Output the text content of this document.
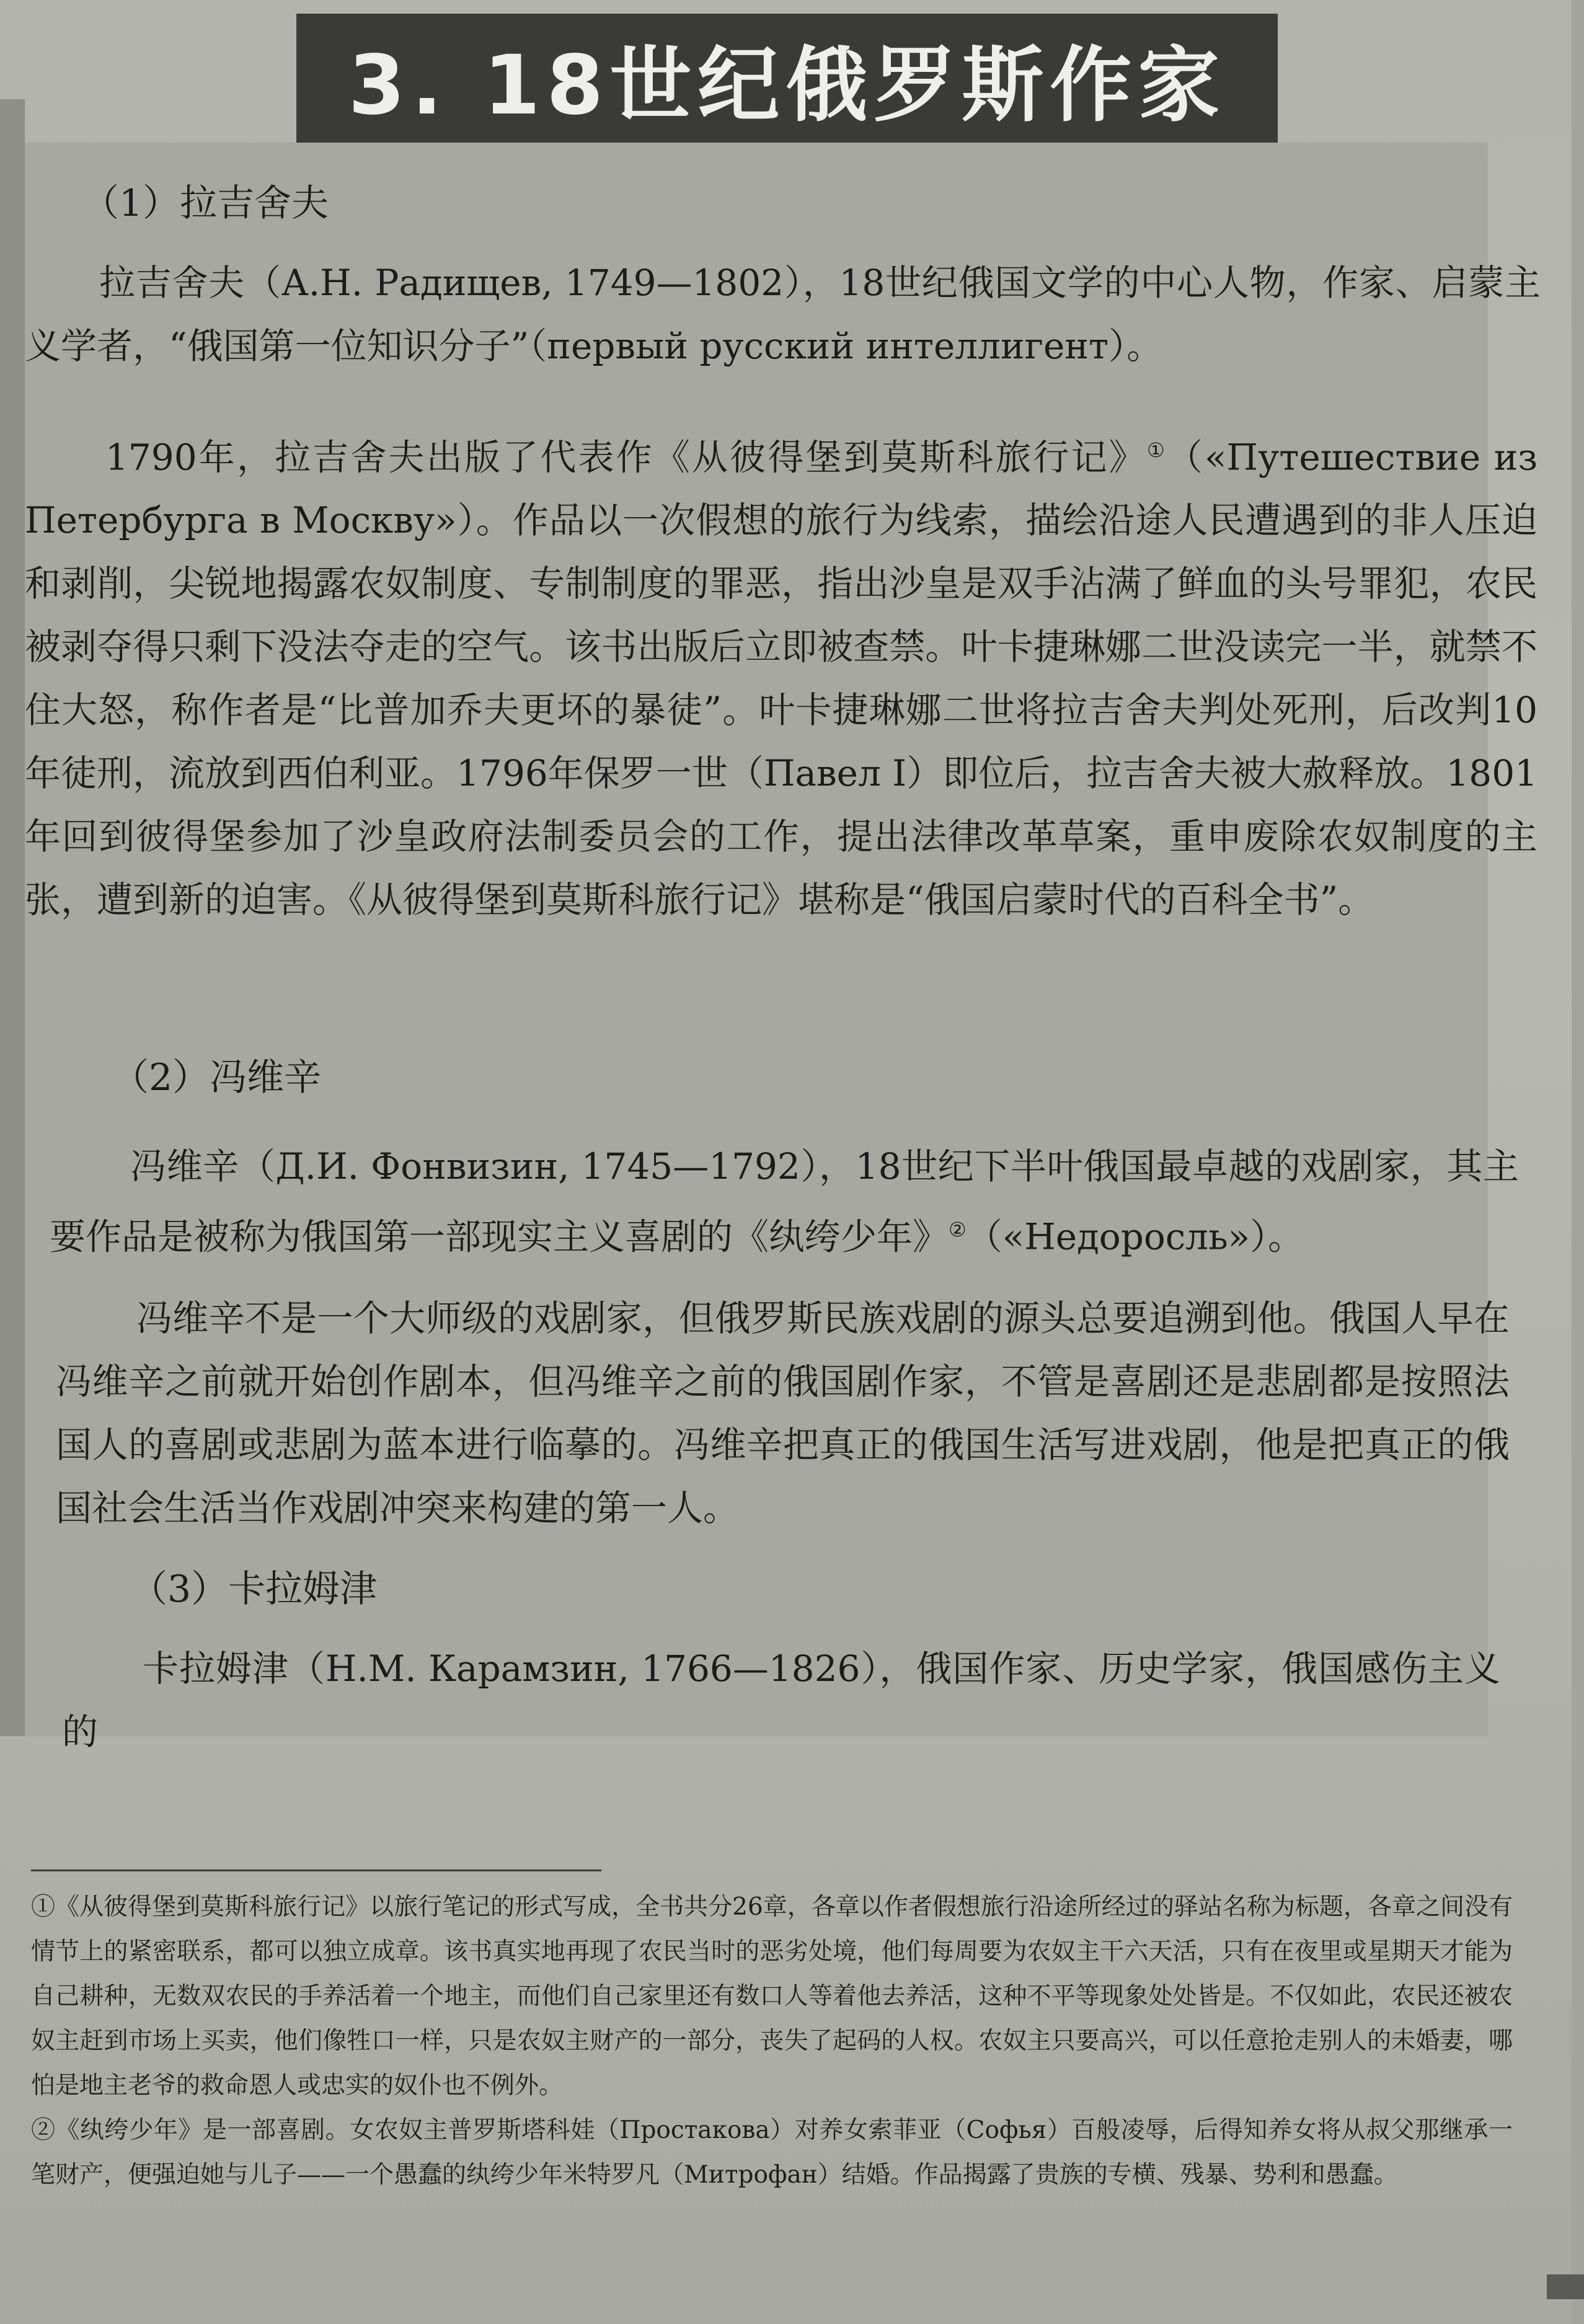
3. 18世纪俄罗斯作家
（1）拉吉舍夫

拉吉舍夫（А.Н. Радищев, 1749—1802），18世纪俄国文学的中心人物，作家、启蒙主义学者，“俄国第一位知识分子”（первый русский интеллигент）。

1790年，拉吉舍夫出版了代表作《从彼得堡到莫斯科旅行记》①（«Путешествие из Петербурга в Москву»）。作品以一次假想的旅行为线索，描绘沿途人民遭遇到的非人压迫和剥削，尖锐地揭露农奴制度、专制制度的罪恶，指出沙皇是双手沾满了鲜血的头号罪犯，农民被剥夺得只剩下没法夺走的空气。该书出版后立即被查禁。叶卡捷琳娜二世没读完一半，就禁不住大怒，称作者是“比普加乔夫更坏的暴徒”。叶卡捷琳娜二世将拉吉舍夫判处死刑，后改判10年徒刑，流放到西伯利亚。1796年保罗一世（Павел I）即位后，拉吉舍夫被大赦释放。1801年回到彼得堡参加了沙皇政府法制委员会的工作，提出法律改革草案，重申废除农奴制度的主张，遭到新的迫害。《从彼得堡到莫斯科旅行记》堪称是“俄国启蒙时代的百科全书”。

（2）冯维辛

冯维辛（Д.И. Фонвизин, 1745—1792），18世纪下半叶俄国最卓越的戏剧家，其主要作品是被称为俄国第一部现实主义喜剧的《纨绔少年》②（«Недоросль»）。

冯维辛不是一个大师级的戏剧家，但俄罗斯民族戏剧的源头总要追溯到他。俄国人早在冯维辛之前就开始创作剧本，但冯维辛之前的俄国剧作家，不管是喜剧还是悲剧都是按照法国人的喜剧或悲剧为蓝本进行临摹的。冯维辛把真正的俄国生活写进戏剧，他是把真正的俄国社会生活当作戏剧冲突来构建的第一人。

（3）卡拉姆津

卡拉姆津（Н.М. Карамзин, 1766—1826），俄国作家、历史学家，俄国感伤主义的

①《从彼得堡到莫斯科旅行记》以旅行笔记的形式写成，全书共分26章，各章以作者假想旅行沿途所经过的驿站名称为标题，各章之间没有情节上的紧密联系，都可以独立成章。该书真实地再现了农民当时的恶劣处境，他们每周要为农奴主干六天活，只有在夜里或星期天才能为自己耕种，无数双农民的手养活着一个地主，而他们自己家里还有数口人等着他去养活，这种不平等现象处处皆是。不仅如此，农民还被农奴主赶到市场上买卖，他们像牲口一样，只是农奴主财产的一部分，丧失了起码的人权。农奴主只要高兴，可以任意抢走别人的未婚妻，哪怕是地主老爷的救命恩人或忠实的奴仆也不例外。

②《纨绔少年》是一部喜剧。女农奴主普罗斯塔科娃（Простакова）对养女索菲亚（Софья）百般凌辱，后得知养女将从叔父那继承一笔财产，便强迫她与儿子——一个愚蠢的纨绔少年米特罗凡（Митрофан）结婚。作品揭露了贵族的专横、残暴、势利和愚蠢。
